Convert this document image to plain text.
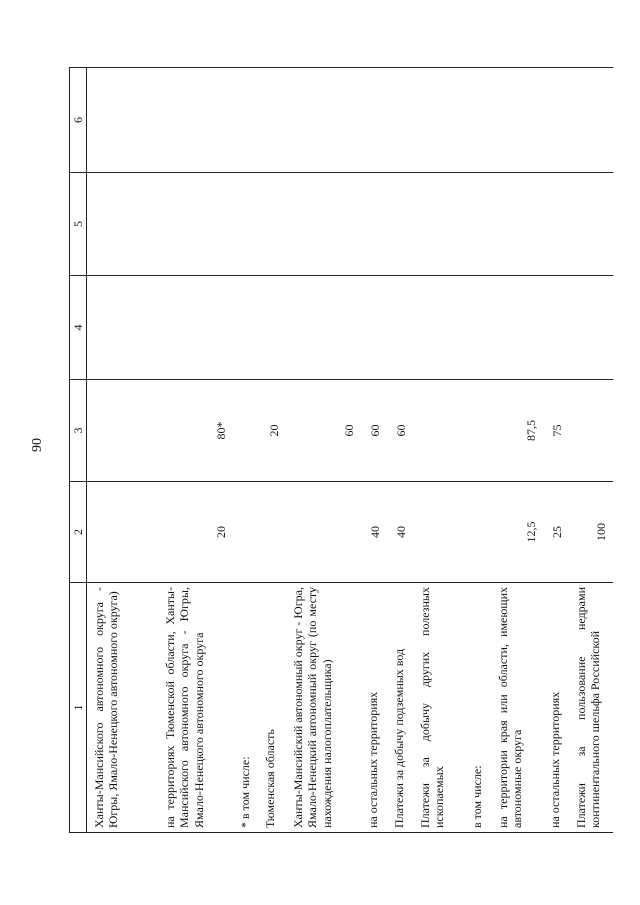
90
1	2	3	4	5	6
Ханты-Мансийского автономного округа - Югры, Ямало-Ненецкого автономного округа)					
на территориях Тюменской области, Ханты-Мансийского автономного округа - Югры, Ямало-Ненецкого автономного округа	20	80*			
* в том числе:					
Тюменская область		20			
Ханты-Мансийский автономный округ - Югра, Ямало-Ненецкий автономный округ (по месту нахождения налогоплательщика)		60			
на остальных территориях	40	60			
Платежи за добычу подземных вод	40	60			
Платежи за добычу других полезных ископаемых					
в том числе:					
на территории края или области, имеющих автономные округа	12,5	87,5			
на остальных территориях	25	75			
Платежи за пользование недрами континентального шельфа Российской	100				
